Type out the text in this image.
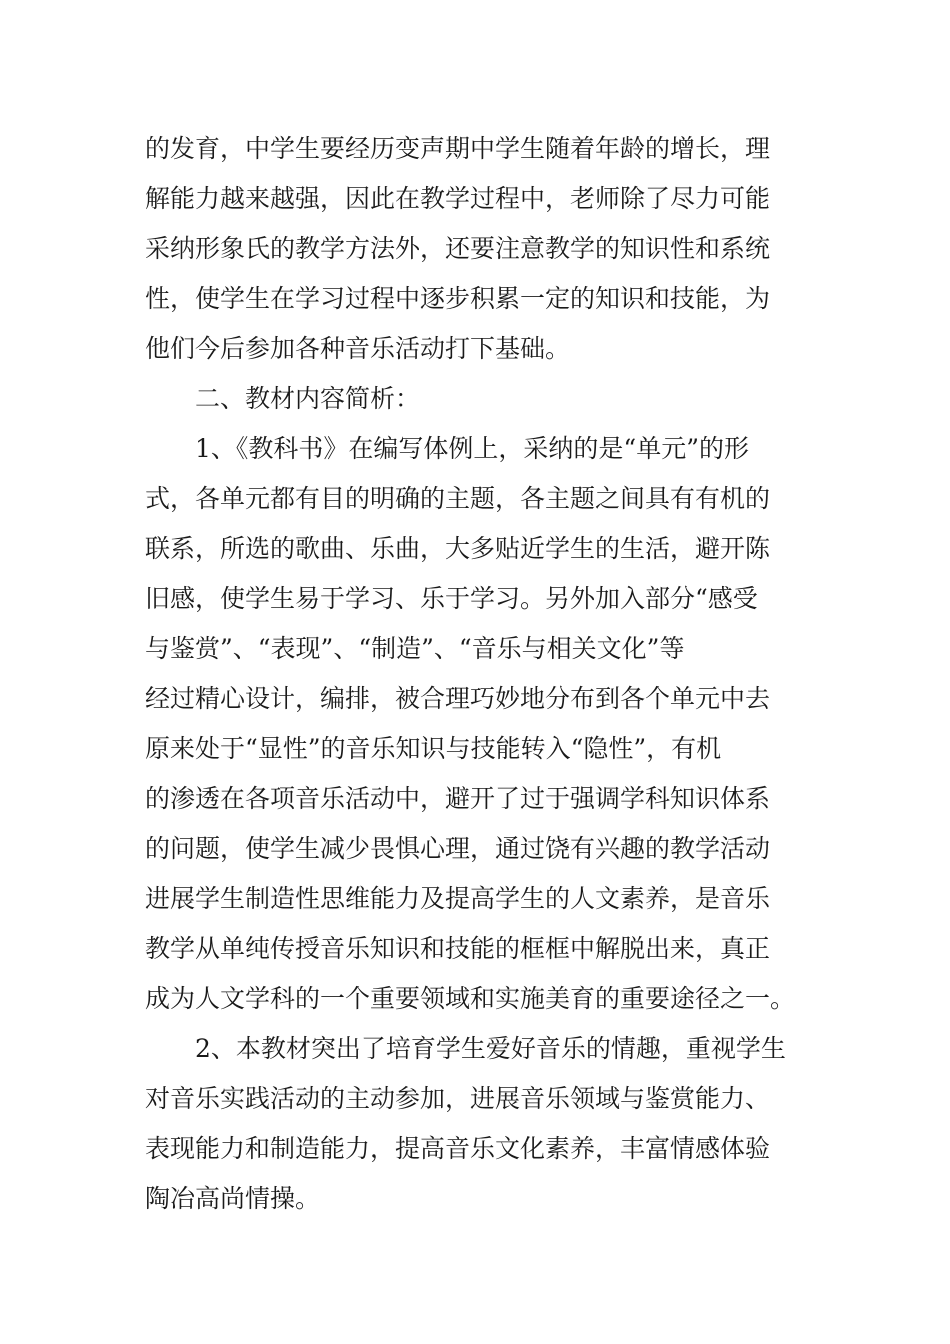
的发育，中学生要经历变声期中学生随着年龄的增长，理
解能力越来越强，因此在教学过程中，老师除了尽力可能
采纳形象氏的教学方法外，还要注意教学的知识性和系统
性，使学生在学习过程中逐步积累一定的知识和技能，为
他们今后参加各种音乐活动打下基础。
二、教材内容简析：
1、《教科书》在编写体例上，采纳的是“单元”的形
式，各单元都有目的明确的主题，各主题之间具有有机的
联系，所选的歌曲、乐曲，大多贴近学生的生活，避开陈
旧感，使学生易于学习、乐于学习。另外加入部分“感受
与鉴赏”、“表现”、“制造”、“音乐与相关文化”等
经过精心设计，编排，被合理巧妙地分布到各个单元中去
原来处于“显性”的音乐知识与技能转入“隐性”，有机
的渗透在各项音乐活动中，避开了过于强调学科知识体系
的问题，使学生减少畏惧心理，通过饶有兴趣的教学活动
进展学生制造性思维能力及提高学生的人文素养，是音乐
教学从单纯传授音乐知识和技能的框框中解脱出来，真正
成为人文学科的一个重要领域和实施美育的重要途径之一。
2、本教材突出了培育学生爱好音乐的情趣，重视学生
对音乐实践活动的主动参加，进展音乐领域与鉴赏能力、
表现能力和制造能力，提高音乐文化素养，丰富情感体验
陶冶高尚情操。
